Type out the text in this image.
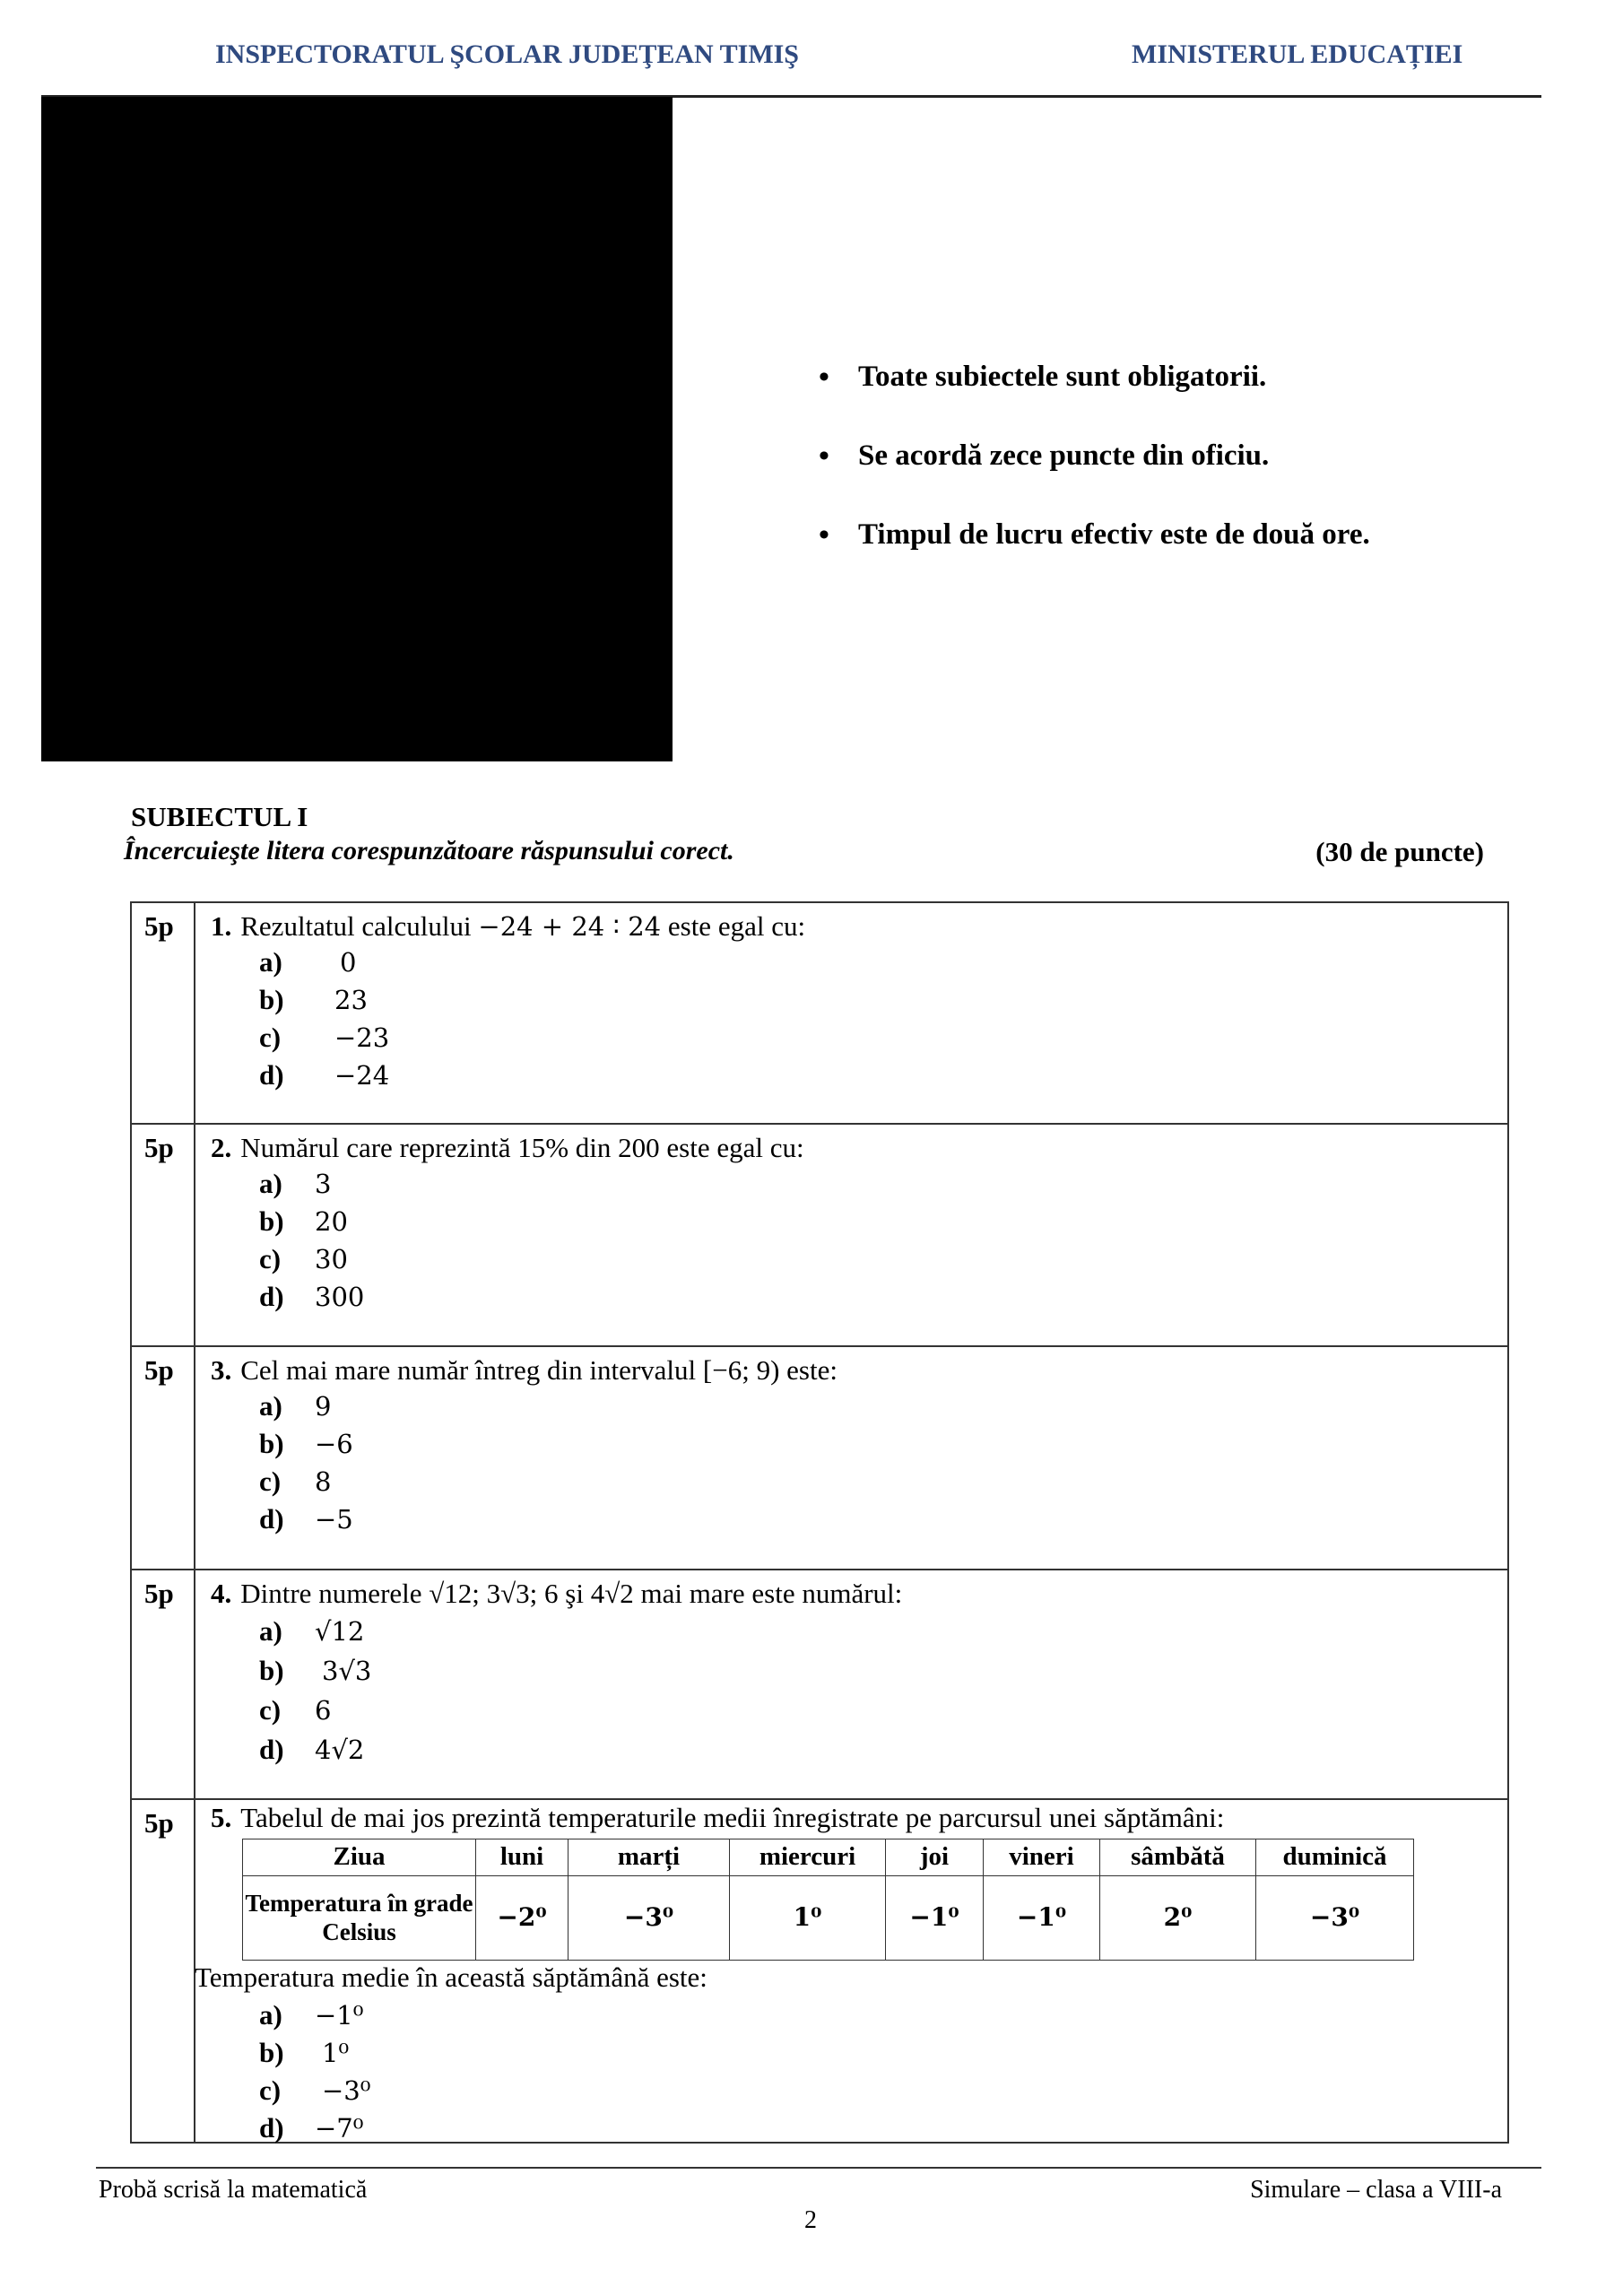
INSPECTORATUL ŞCOLAR JUDEŢEAN TIMIŞ	MINISTERUL EDUCAȚIEI
• Toate subiectele sunt obligatorii.
• Se acordă zece puncte din oficiu.
• Timpul de lucru efectiv este de două ore.
SUBIECTUL I
Încercuieşte litera corespunzătoare răspunsului corect.	(30 de puncte)
5p 1. Rezultatul calculului −24 + 24 ∶ 24 este egal cu:
a) 0
b) 23
c) −23
d) −24
5p 2. Numărul care reprezintă 15% din 200 este egal cu:
a) 3
b) 20
c) 30
d) 300
5p 3. Cel mai mare număr întreg din intervalul [−6; 9) este:
a) 9
b) −6
c) 8
d) −5
5p 4. Dintre numerele √12; 3√3; 6 şi 4√2 mai mare este numărul:
a) √12
b) 3√3
c) 6
d) 4√2
5p 5. Tabelul de mai jos prezintă temperaturile medii înregistrate pe parcursul unei săptămâni:
Temperatura medie în această săptămână este:
a) −1⁰
b) 1⁰
c) −3⁰
d) −7⁰
Ziua	luni	marți	miercuri	joi	vineri	sâmbătă	duminică
Temperatura în grade Celsius	−2⁰	−3⁰	1⁰	−1⁰	−1⁰	2⁰	−3⁰
Probă scrisă la matematică	Simulare – clasa a VIII-a
2
